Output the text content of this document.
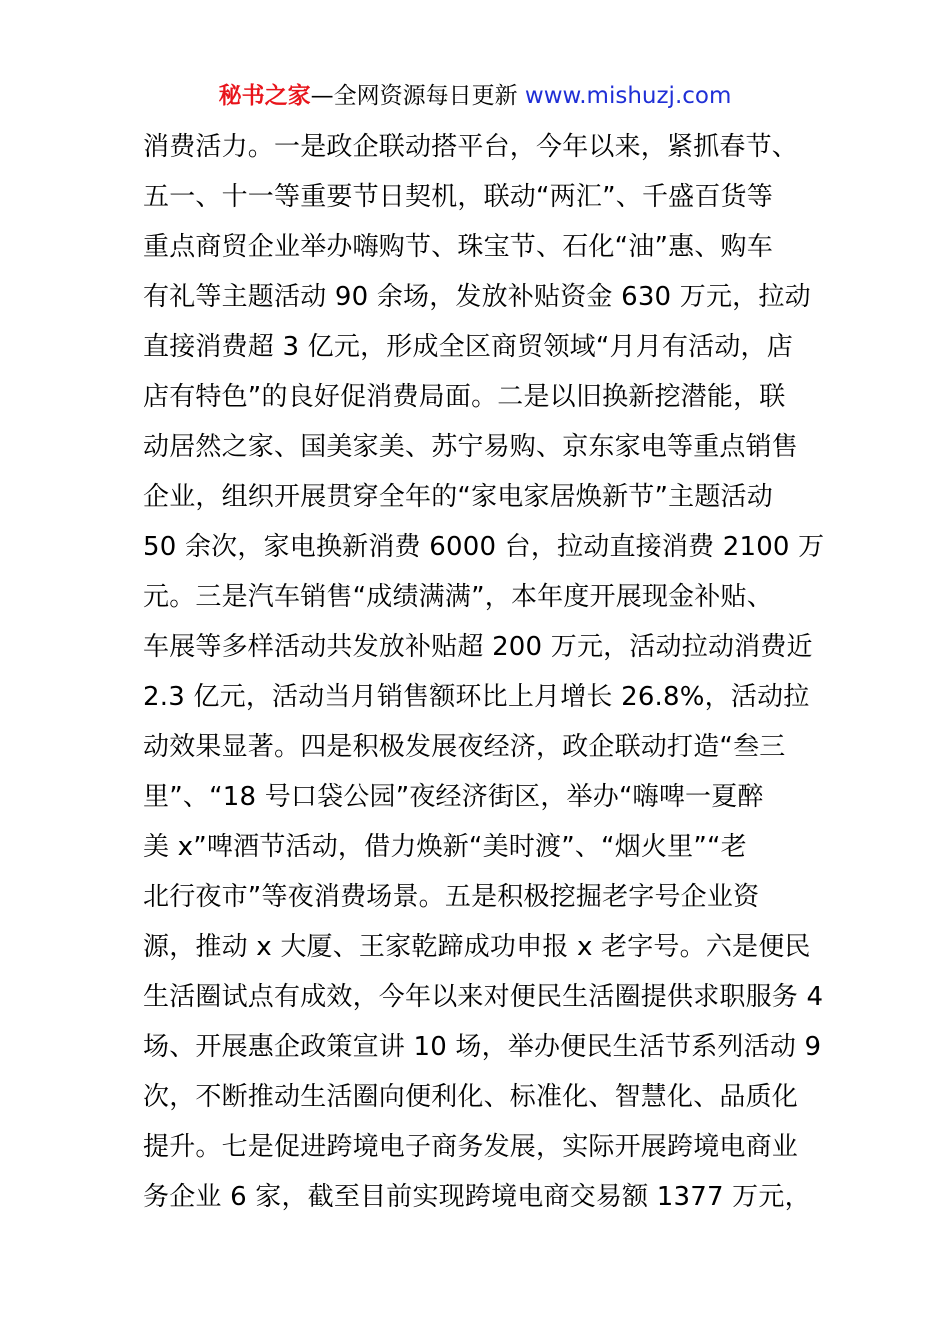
秘书之家—全网资源每日更新 www.mishuzj.com
消费活力。一是政企联动搭平台，今年以来，紧抓春节、
五一、十一等重要节日契机，联动“两汇”、千盛百货等
重点商贸企业举办嗨购节、珠宝节、石化“油”惠、购车
有礼等主题活动 90 余场，发放补贴资金 630 万元，拉动
直接消费超 3 亿元，形成全区商贸领域“月月有活动，店
店有特色”的良好促消费局面。二是以旧换新挖潜能，联
动居然之家、国美家美、苏宁易购、京东家电等重点销售
企业，组织开展贯穿全年的“家电家居焕新节”主题活动
50 余次，家电换新消费 6000 台，拉动直接消费 2100 万
元。三是汽车销售“成绩满满”，本年度开展现金补贴、
车展等多样活动共发放补贴超 200 万元，活动拉动消费近
2.3 亿元，活动当月销售额环比上月增长 26.8%，活动拉
动效果显著。四是积极发展夜经济，政企联动打造“叁三
里”、“18 号口袋公园”夜经济街区，举办“嗨啤一夏醉
美 x”啤酒节活动，借力焕新“美时渡”、“烟火里”“老
北行夜市”等夜消费场景。五是积极挖掘老字号企业资
源，推动 x 大厦、王家乾蹄成功申报 x 老字号。六是便民
生活圈试点有成效，今年以来对便民生活圈提供求职服务 4
场、开展惠企政策宣讲 10 场，举办便民生活节系列活动 9
次，不断推动生活圈向便利化、标准化、智慧化、品质化
提升。七是促进跨境电子商务发展，实际开展跨境电商业
务企业 6 家，截至目前实现跨境电商交易额 1377 万元，
